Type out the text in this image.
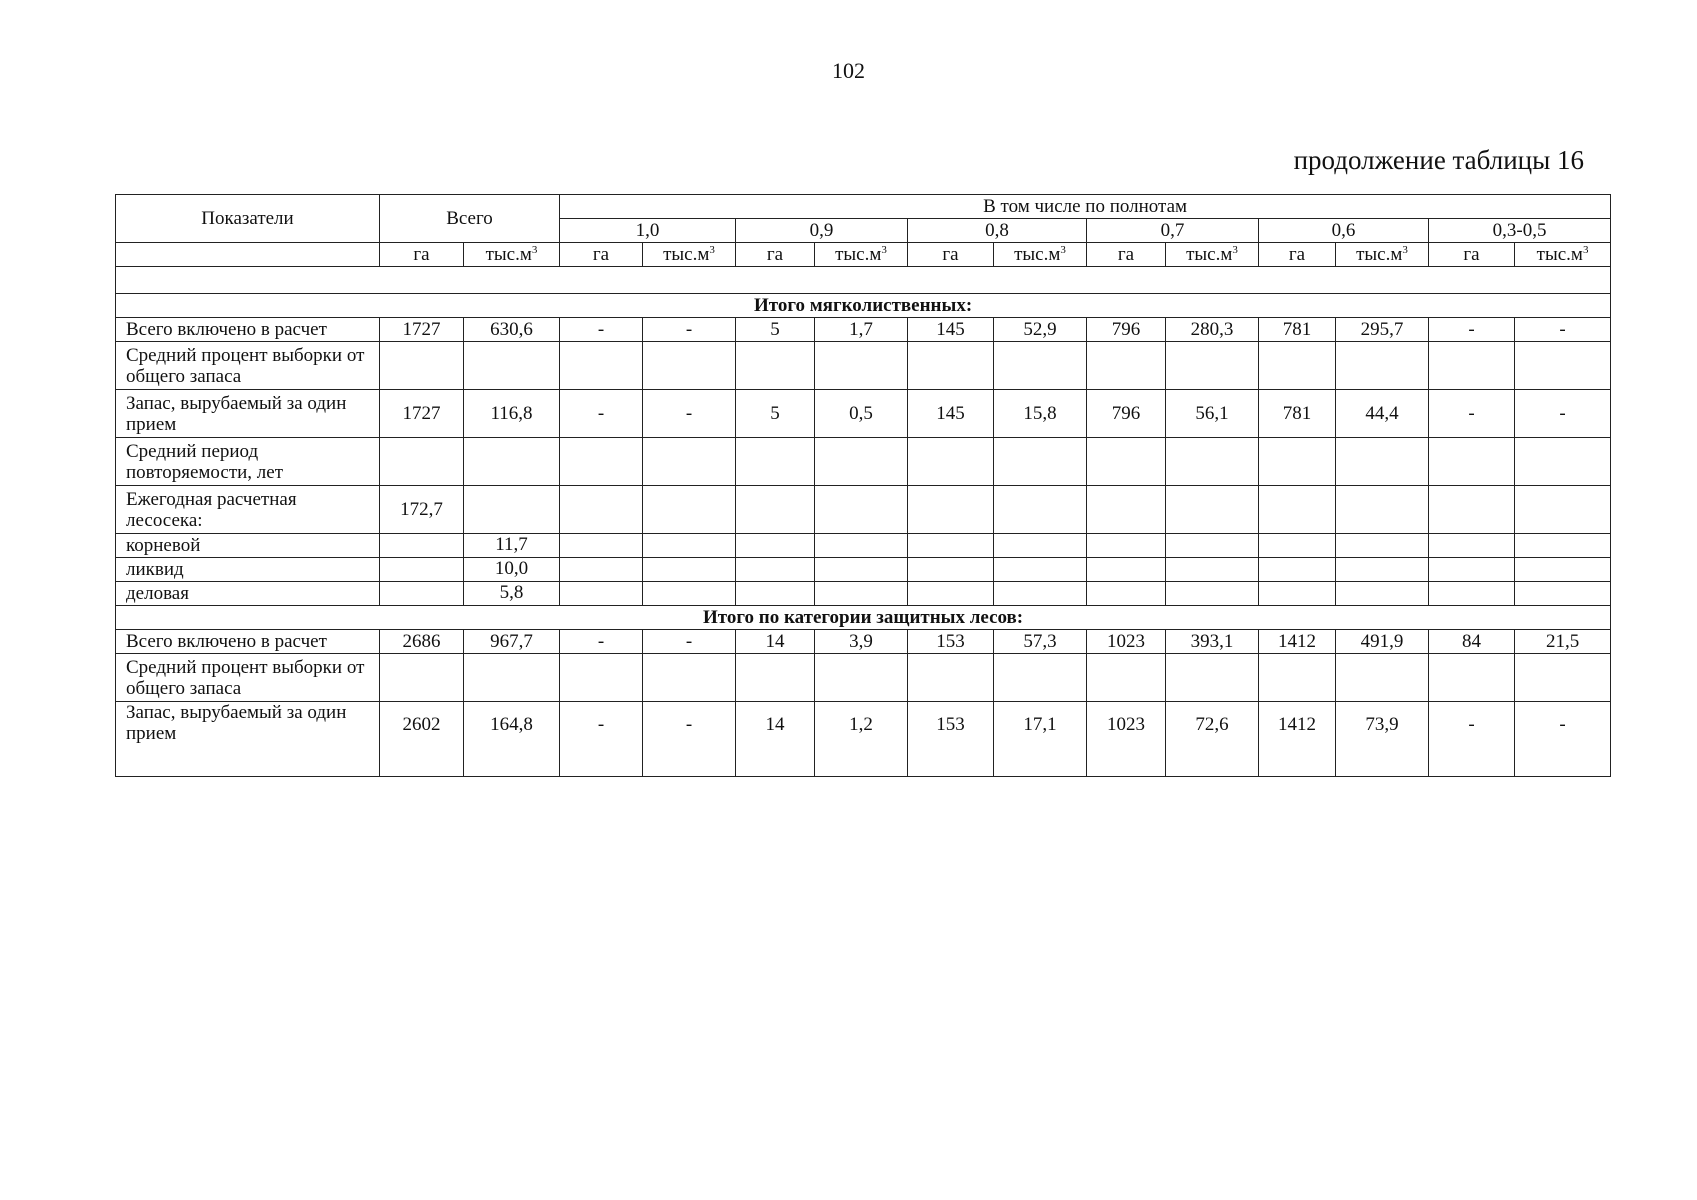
102
продолжение таблицы 16
Показатели	Всего		В том числе по полнотам											
			1,0		0,9		0,8		0,7		0,6		0,3-0,5	
	га	$тыс.м^3$	га	$тыс.м^3$	га	$тыс.м^3$	га	$тыс.м^3$	га	$тыс.м^3$	га	$тыс.м^3$	га	$тыс.м^3$

Итого мягколиственных:														
Всего включено в расчет	1727	630,6	-	-	5	1,7	145	52,9	796	280,3	781	295,7	-	-
Средний процент выборки от общего запаса														
Запас, вырубаемый за один прием	1727	116,8	-	-	5	0,5	145	15,8	796	56,1	781	44,4	-	-
Средний период повторяемости, лет														
Ежегодная расчетная лесосека:	172,7													
корневой		11,7												
ликвид		10,0												
деловая		5,8												
Итого по категории защитных лесов:														
Всего включено в расчет	2686	967,7	-	-	14	3,9	153	57,3	1023	393,1	1412	491,9	84	21,5
Средний процент выборки от общего запаса														
Запас, вырубаемый за один прием	2602	164,8	-	-	14	1,2	153	17,1	1023	72,6	1412	73,9	-	-
